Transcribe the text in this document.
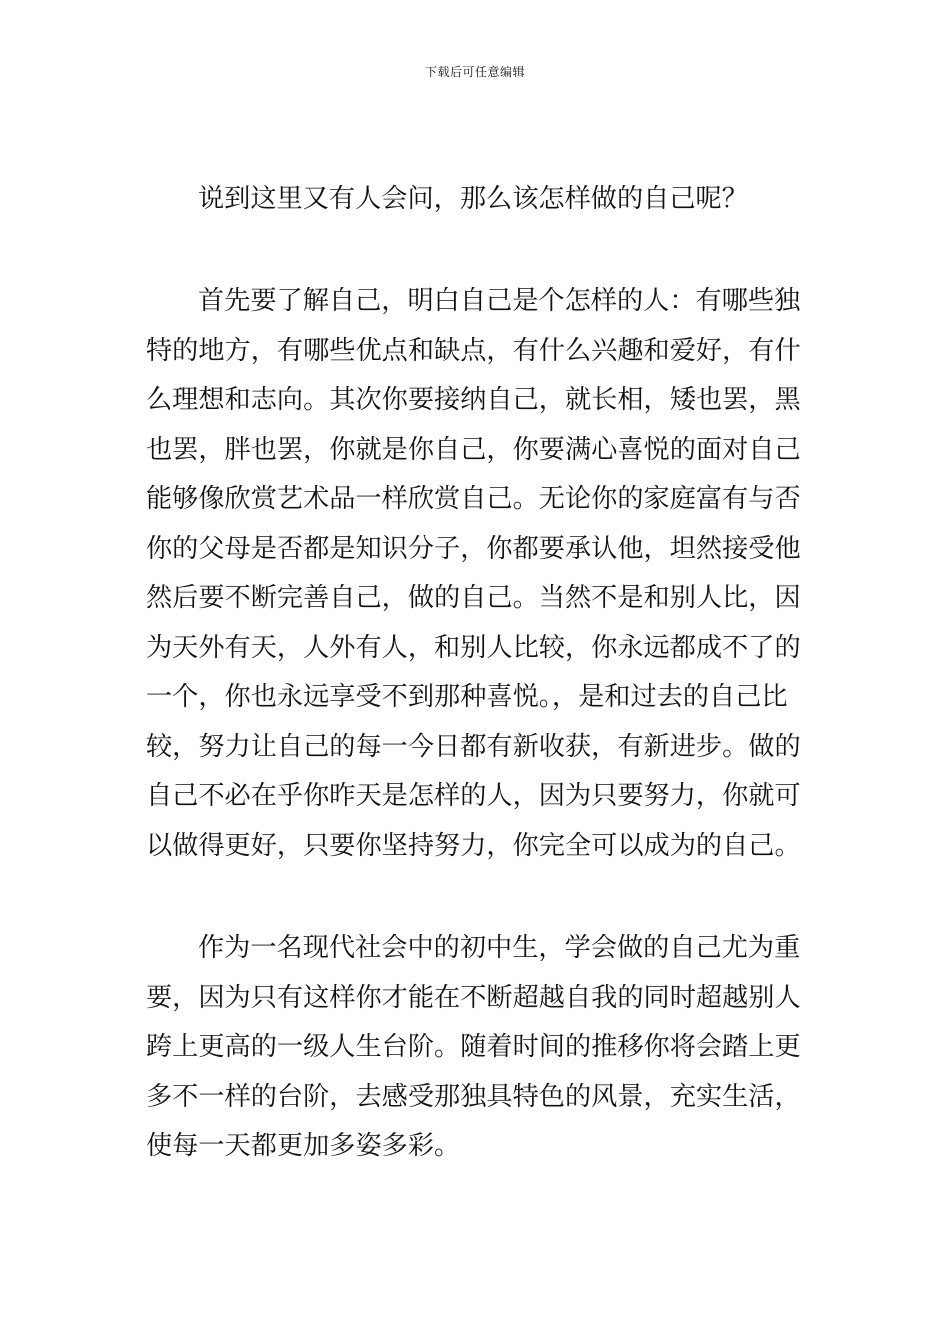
下载后可任意编辑

说到这里又有人会问，那么该怎样做的自己呢？

首先要了解自己，明白自己是个怎样的人：有哪些独特的地方，有哪些优点和缺点，有什么兴趣和爱好，有什么理想和志向。其次你要接纳自己，就长相，矮也罢，黑也罢，胖也罢，你就是你自己，你要满心喜悦的面对自己能够像欣赏艺术品一样欣赏自己。无论你的家庭富有与否你的父母是否都是知识分子，你都要承认他，坦然接受他然后要不断完善自己，做的自己。当然不是和别人比，因为天外有天，人外有人，和别人比较，你永远都成不了的一个，你也永远享受不到那种喜悦。，是和过去的自己比较，努力让自己的每一今日都有新收获，有新进步。做的自己不必在乎你昨天是怎样的人，因为只要努力，你就可以做得更好，只要你坚持努力，你完全可以成为的自己。

作为一名现代社会中的初中生，学会做的自己尤为重要，因为只有这样你才能在不断超越自我的同时超越别人跨上更高的一级人生台阶。随着时间的推移你将会踏上更多不一样的台阶，去感受那独具特色的风景，充实生活，使每一天都更加多姿多彩。
